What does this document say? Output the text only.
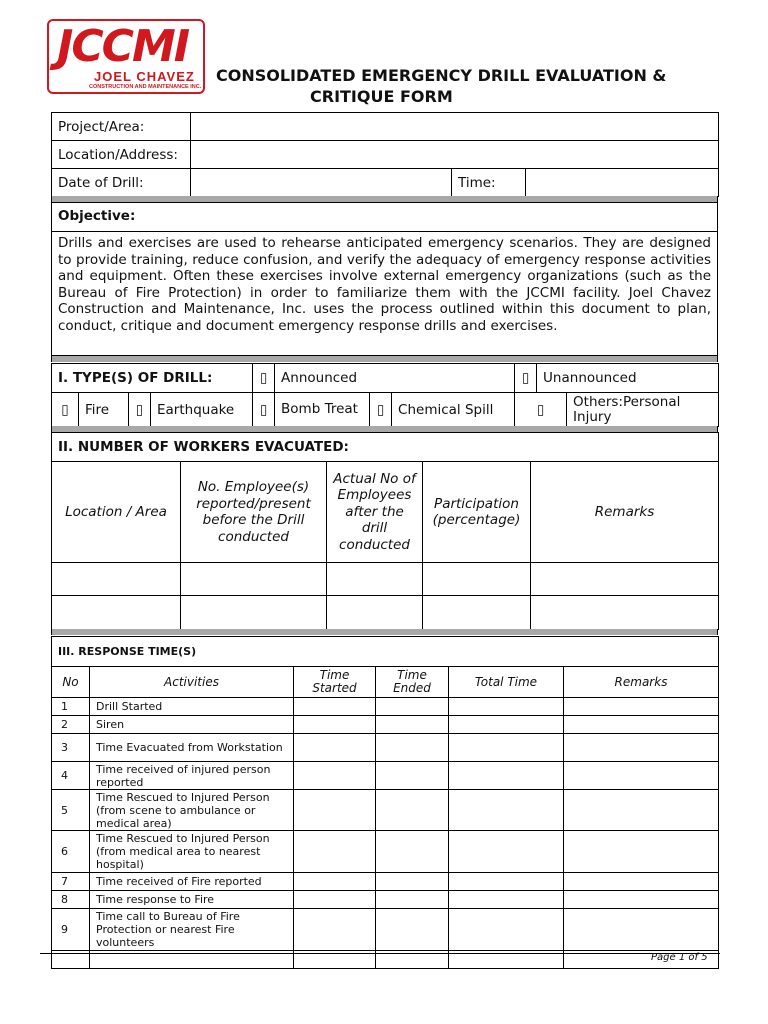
JCCMI
JOEL CHAVEZ
CONSTRUCTION AND MAINTENANCE INC.
CONSOLIDATED EMERGENCY DRILL EVALUATION &
CRITIQUE FORM
Project/Area:			
Location/Address:			
Date of Drill:		Time:	
Objective:
Drills and exercises are used to rehearse anticipated emergency scenarios. They are designed to provide training, reduce confusion, and verify the adequacy of emergency response activities and equipment. Often these exercises involve external emergency organizations (such as the Bureau of Fire Protection) in order to familiarize them with the JCCMI facility. Joel Chavez Construction and Maintenance, Inc. uses the process outlined within this document to plan, conduct, critique and document emergency response drills and exercises.
I. TYPE(S) OF DRILL:				▯	Announced			▯	Unannounced	
▯	Fire	▯	Earthquake	▯	Bomb Treat	▯	Chemical Spill	▯		Others:Personal Injury
II. NUMBER OF WORKERS EVACUATED:				
Location / Area	No. Employee(s) reported/present before the Drill conducted	Actual No of Employees after the drill conducted	Participation (percentage)	Remarks

III. RESPONSE TIME(S)					
No	Activities	Time Started	Time Ended	Total Time	Remarks
1	Drill Started				
2	Siren				
3	Time Evacuated from Workstation				
4	Time received of injured person reported				
5	Time Rescued to Injured Person (from scene to ambulance or medical area)				
6	Time Rescued to Injured Person (from medical area to nearest hospital)				
7	Time received of Fire reported				
8	Time response to Fire				
9	Time call to Bureau of Fire Protection or nearest Fire volunteers				

Page 1 of 5
